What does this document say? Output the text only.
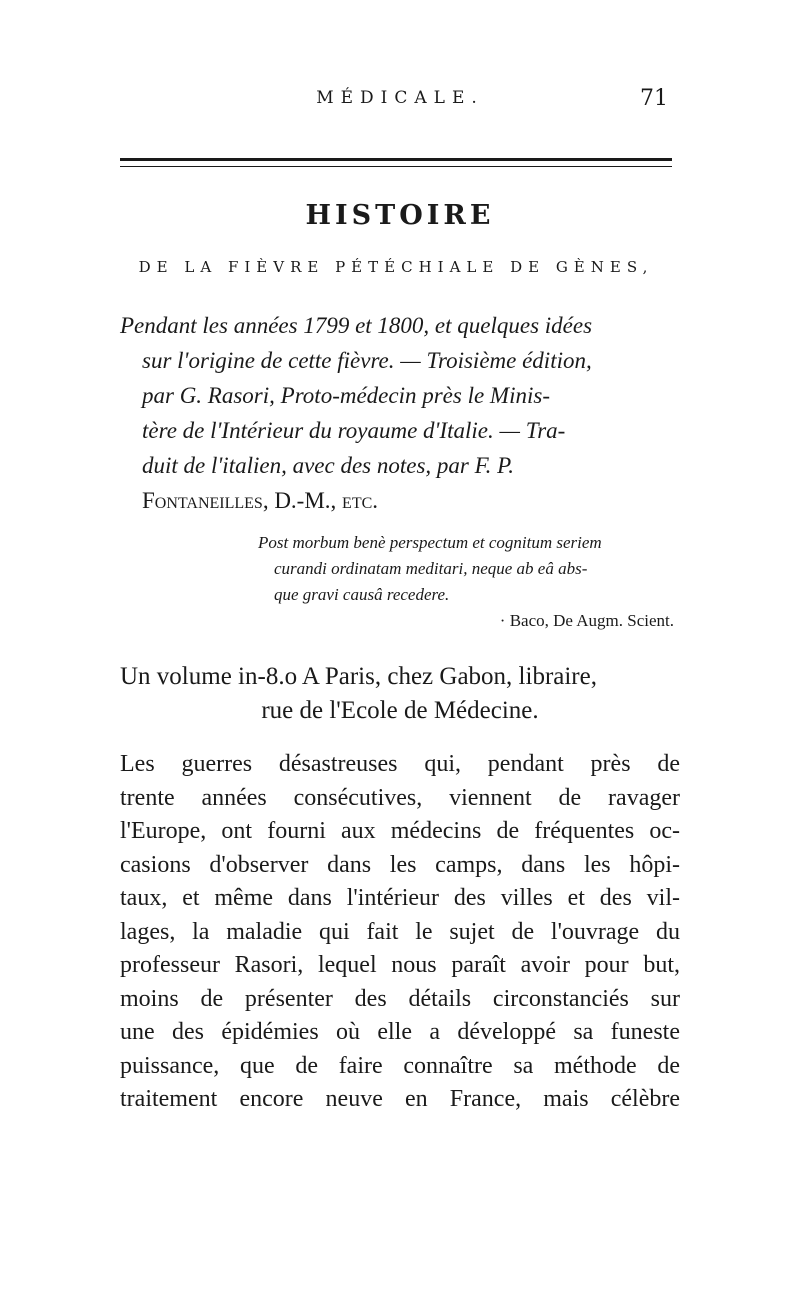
MÉDICALE.	71
HISTOIRE
DE LA FIÈVRE PÉTÉCHIALE DE GÈNES,
Pendant les années 1799 et 1800, et quelques idées
sur l'origine de cette fièvre. — Troisième édition,
par G. Rasori, Proto-médecin près le Minis-
tère de l'Intérieur du royaume d'Italie. — Tra-
duit de l'italien, avec des notes, par F. P.
Fontaneilles, D.-M., etc.
Post morbum benè perspectum et cognitum seriem
curandi ordinatam meditari, neque ab eâ abs-
que gravi causâ recedere.
· Baco, De Augm. Scient.
Un volume in-8.o A Paris, chez Gabon, libraire,
rue de l'Ecole de Médecine.
Les guerres désastreuses qui, pendant près de
trente années consécutives, viennent de ravager
l'Europe, ont fourni aux médecins de fréquentes oc-
casions d'observer dans les camps, dans les hôpi-
taux, et même dans l'intérieur des villes et des vil-
lages, la maladie qui fait le sujet de l'ouvrage du
professeur Rasori, lequel nous paraît avoir pour but,
moins de présenter des détails circonstanciés sur
une des épidémies où elle a développé sa funeste
puissance, que de faire connaître sa méthode de
traitement encore neuve en France, mais célèbre
